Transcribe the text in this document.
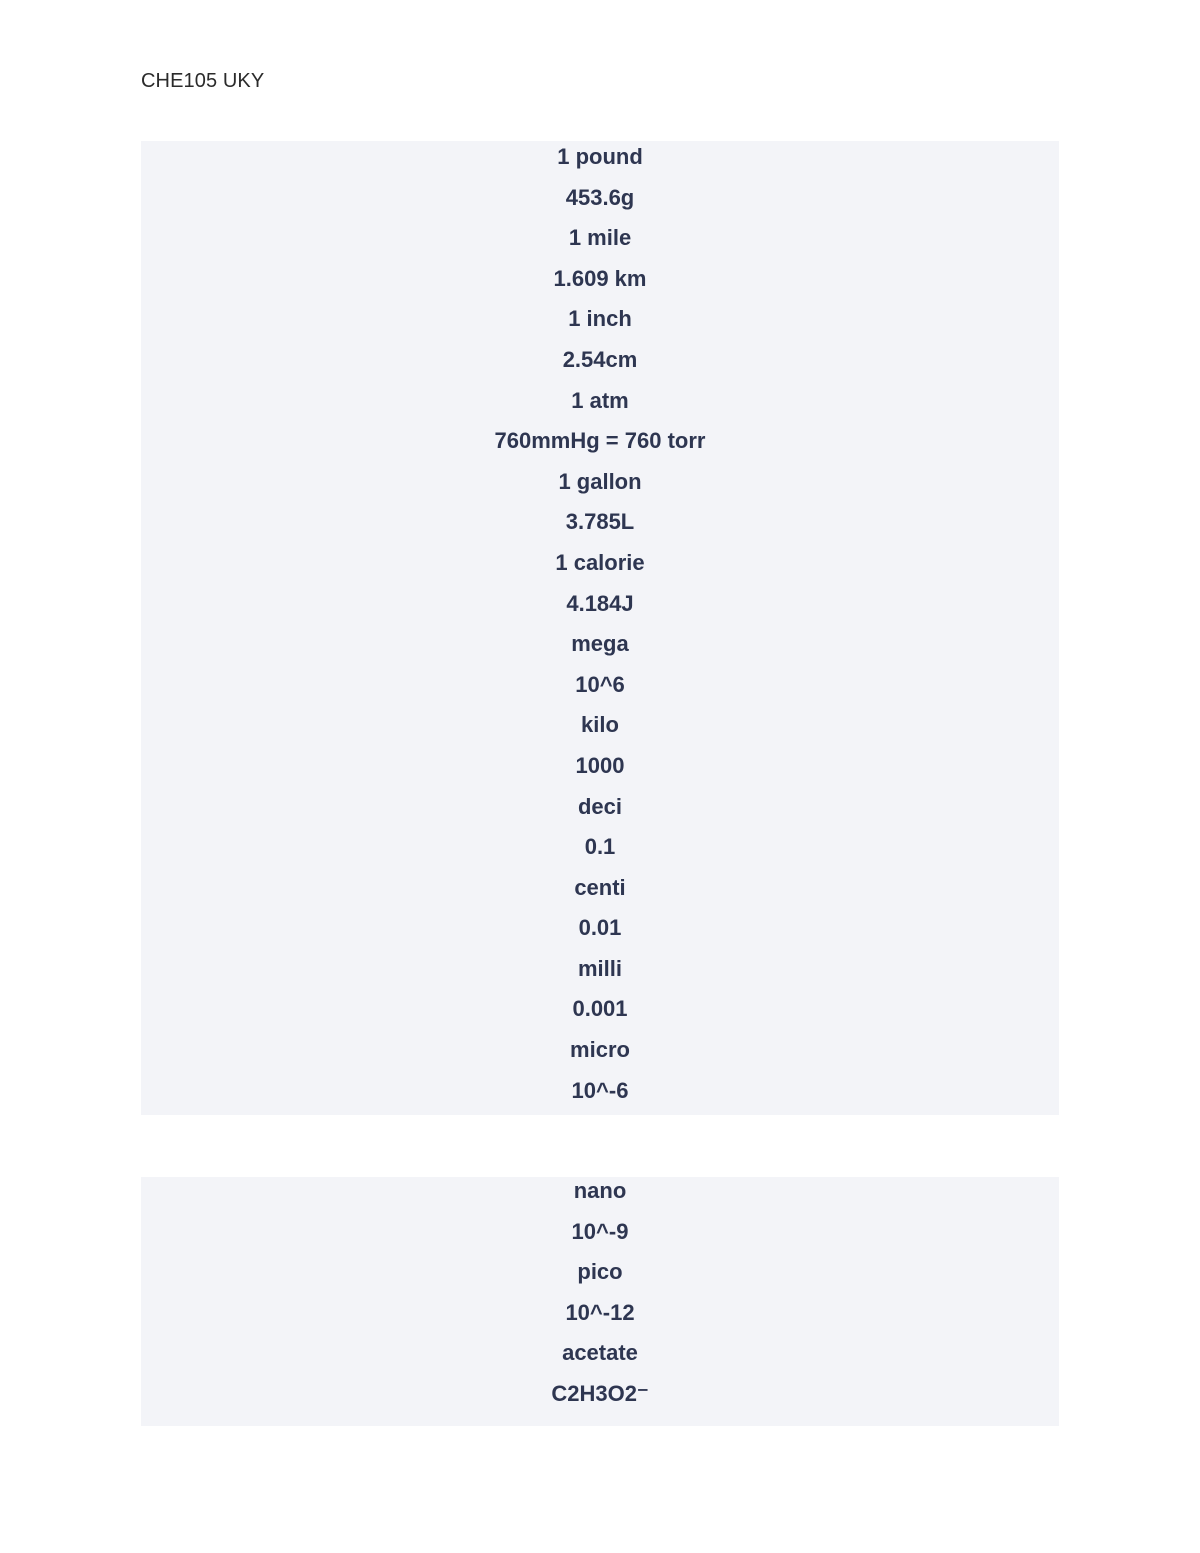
CHE105 UKY
1 pound
453.6g
1 mile
1.609 km
1 inch
2.54cm
1 atm
760mmHg = 760 torr
1 gallon
3.785L
1 calorie
4.184J
mega
10^6
kilo
1000
deci
0.1
centi
0.01
milli
0.001
micro
10^-6
nano
10^-9
pico
10^-12
acetate
C2H3O2⁻
